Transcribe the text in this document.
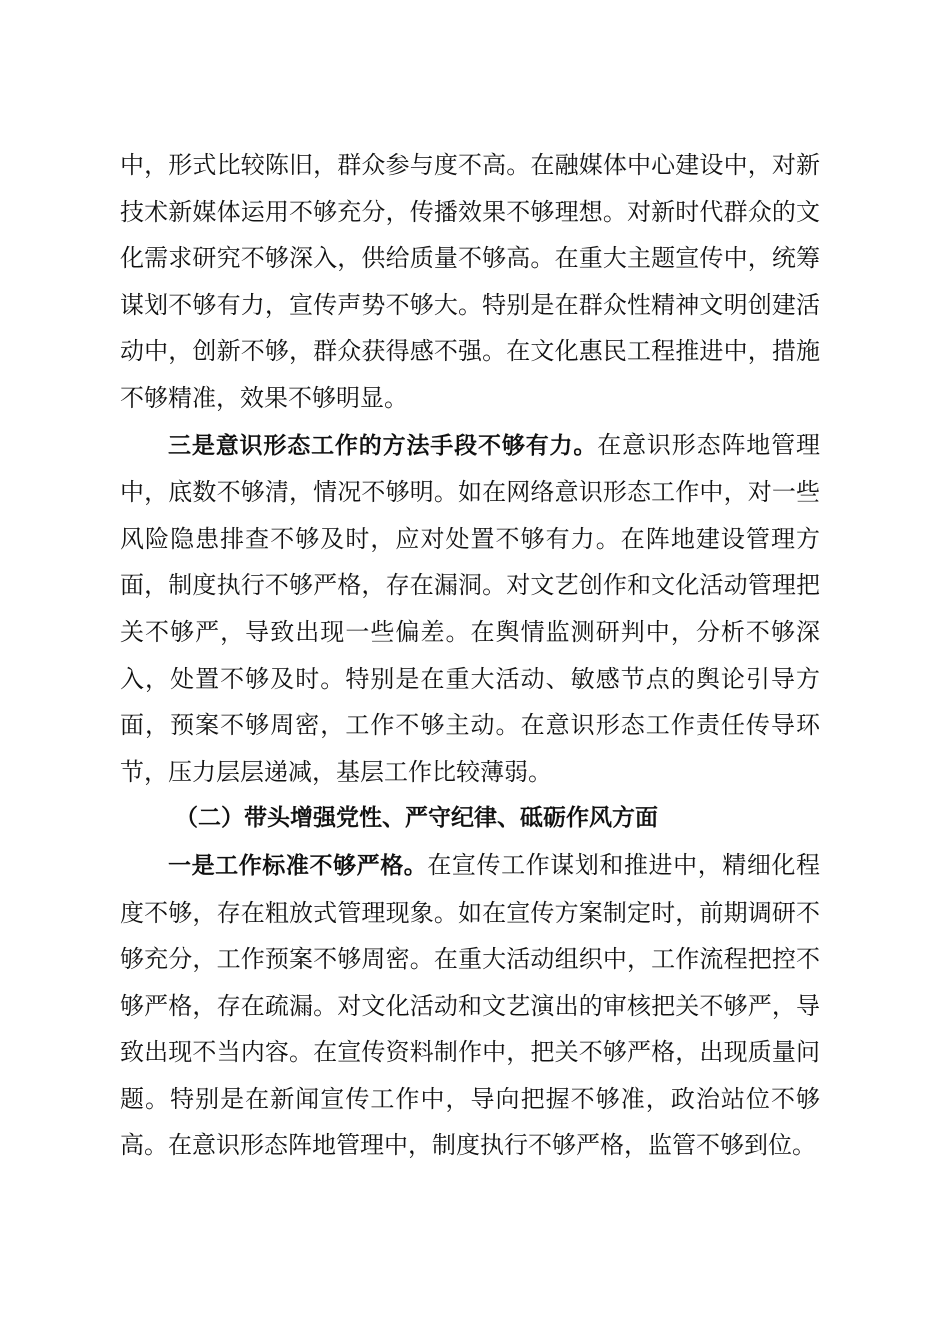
中，形式比较陈旧，群众参与度不高。在融媒体中心建设中，对新技术新媒体运用不够充分，传播效果不够理想。对新时代群众的文化需求研究不够深入，供给质量不够高。在重大主题宣传中，统筹谋划不够有力，宣传声势不够大。特别是在群众性精神文明创建活动中，创新不够，群众获得感不强。在文化惠民工程推进中，措施不够精准，效果不够明显。

三是意识形态工作的方法手段不够有力。在意识形态阵地管理中，底数不够清，情况不够明。如在网络意识形态工作中，对一些风险隐患排查不够及时，应对处置不够有力。在阵地建设管理方面，制度执行不够严格，存在漏洞。对文艺创作和文化活动管理把关不够严，导致出现一些偏差。在舆情监测研判中，分析不够深入，处置不够及时。特别是在重大活动、敏感节点的舆论引导方面，预案不够周密，工作不够主动。在意识形态工作责任传导环节，压力层层递减，基层工作比较薄弱。

（二）带头增强党性、严守纪律、砥砺作风方面

一是工作标准不够严格。在宣传工作谋划和推进中，精细化程度不够，存在粗放式管理现象。如在宣传方案制定时，前期调研不够充分，工作预案不够周密。在重大活动组织中，工作流程把控不够严格，存在疏漏。对文化活动和文艺演出的审核把关不够严，导致出现不当内容。在宣传资料制作中，把关不够严格，出现质量问题。特别是在新闻宣传工作中，导向把握不够准，政治站位不够高。在意识形态阵地管理中，制度执行不够严格，监管不够到位。
